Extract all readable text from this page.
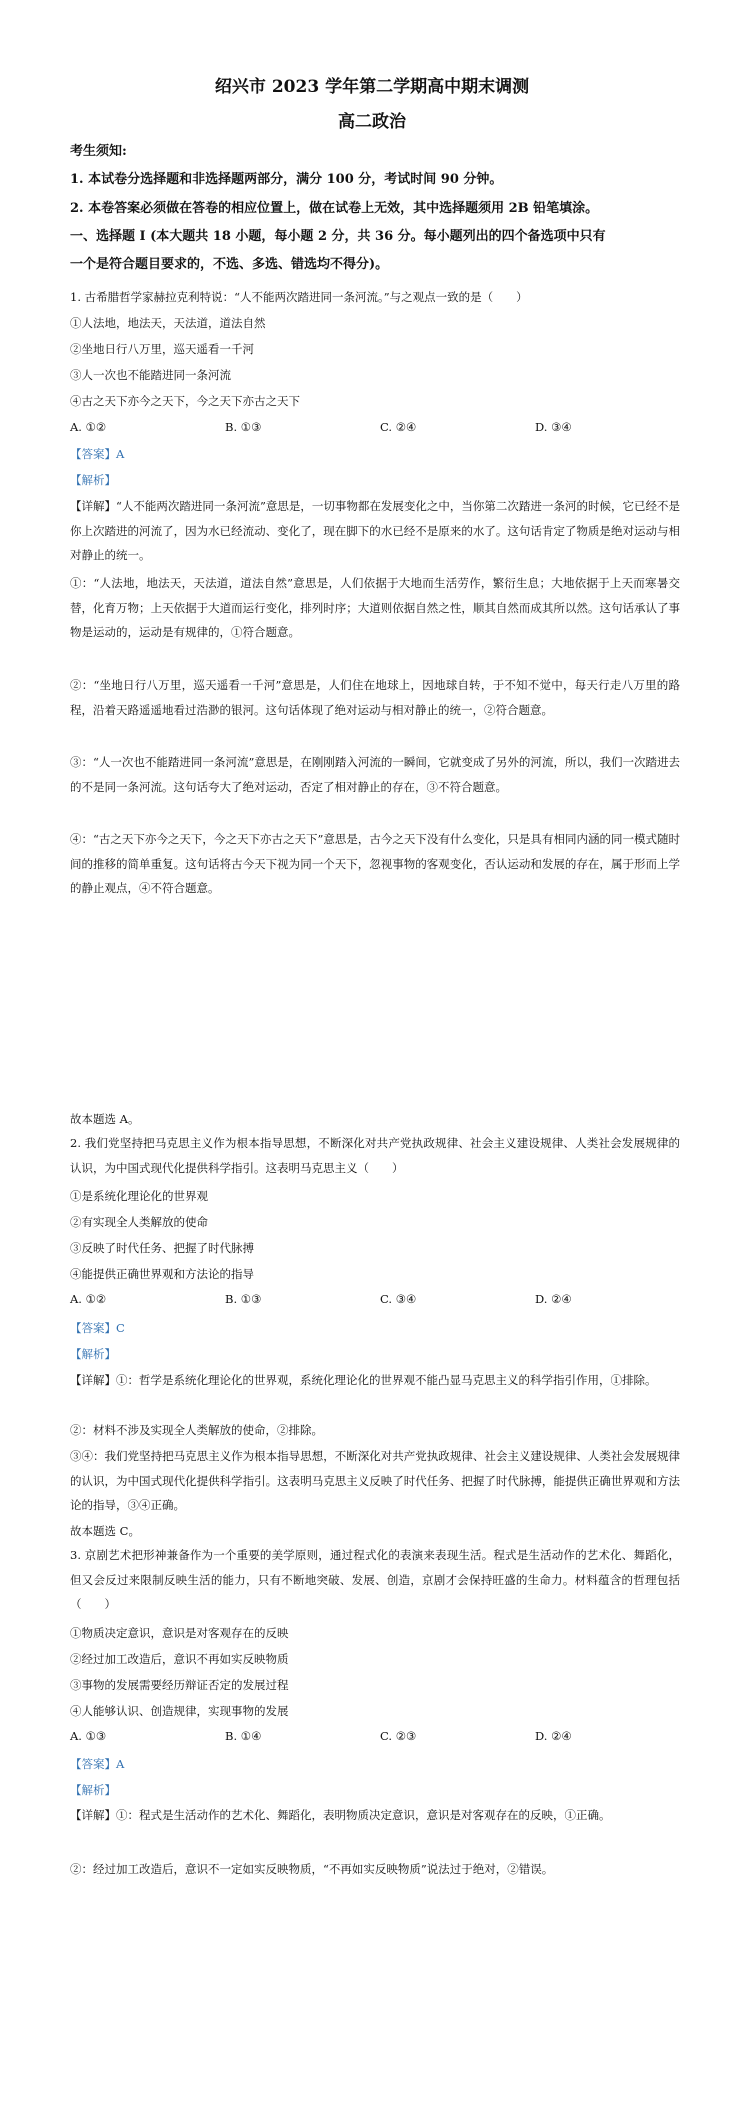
绍兴市 2023 学年第二学期高中期末调测
高二政治
考生须知:
1. 本试卷分选择题和非选择题两部分，满分 100 分，考试时间 90 分钟。
2. 本卷答案必须做在答卷的相应位置上，做在试卷上无效，其中选择题须用 2B 铅笔填涂。
一、选择题 Ⅰ (本大题共 18 小题，每小题 2 分，共 36 分。每小题列出的四个备选项中只有
一个是符合题目要求的，不选、多选、错选均不得分)。
1. 古希腊哲学家赫拉克利特说：“人不能两次踏进同一条河流。”与之观点一致的是（　　）
①人法地，地法天，天法道，道法自然
②坐地日行八万里，巡天遥看一千河
③人一次也不能踏进同一条河流
④古之天下亦今之天下，今之天下亦古之天下
A. ①②	B. ①③	C. ②④	D. ③④
【答案】A
【解析】
【详解】“人不能两次踏进同一条河流”意思是，一切事物都在发展变化之中，当你第二次踏进一条河的时候，它已经不是你上次踏进的河流了，因为水已经流动、变化了，现在脚下的水已经不是原来的水了。这句话肯定了物质是绝对运动与相对静止的统一。
①：“人法地，地法天，天法道，道法自然”意思是，人们依据于大地而生活劳作，繁衍生息；大地依据于上天而寒暑交替，化育万物；上天依据于大道而运行变化，排列时序；大道则依据自然之性，顺其自然而成其所以然。这句话承认了事物是运动的，运动是有规律的，①符合题意。
②：“坐地日行八万里，巡天遥看一千河”意思是，人们住在地球上，因地球自转，于不知不觉中，每天行走八万里的路程，沿着天路遥遥地看过浩渺的银河。这句话体现了绝对运动与相对静止的统一，②符合题意。
③：“人一次也不能踏进同一条河流”意思是，在刚刚踏入河流的一瞬间，它就变成了另外的河流，所以，我们一次踏进去的不是同一条河流。这句话夸大了绝对运动，否定了相对静止的存在，③不符合题意。
④：“古之天下亦今之天下，今之天下亦古之天下”意思是，古今之天下没有什么变化，只是具有相同内涵的同一模式随时间的推移的简单重复。这句话将古今天下视为同一个天下，忽视事物的客观变化，否认运动和发展的存在，属于形而上学的静止观点，④不符合题意。
故本题选 A。
2. 我们党坚持把马克思主义作为根本指导思想，不断深化对共产党执政规律、社会主义建设规律、人类社会发展规律的认识，为中国式现代化提供科学指引。这表明马克思主义（　　）
①是系统化理论化的世界观
②有实现全人类解放的使命
③反映了时代任务、把握了时代脉搏
④能提供正确世界观和方法论的指导
A. ①②	B. ①③	C. ③④	D. ②④
【答案】C
【解析】
【详解】①：哲学是系统化理论化的世界观，系统化理论化的世界观不能凸显马克思主义的科学指引作用，①排除。
②：材料不涉及实现全人类解放的使命，②排除。
③④：我们党坚持把马克思主义作为根本指导思想，不断深化对共产党执政规律、社会主义建设规律、人类社会发展规律的认识，为中国式现代化提供科学指引。这表明马克思主义反映了时代任务、把握了时代脉搏，能提供正确世界观和方法论的指导，③④正确。
故本题选 C。
3. 京剧艺术把形神兼备作为一个重要的美学原则，通过程式化的表演来表现生活。程式是生活动作的艺术化、舞蹈化，但又会反过来限制反映生活的能力，只有不断地突破、发展、创造，京剧才会保持旺盛的生命力。材料蕴含的哲理包括（　　）
①物质决定意识，意识是对客观存在的反映
②经过加工改造后，意识不再如实反映物质
③事物的发展需要经历辩证否定的发展过程
④人能够认识、创造规律，实现事物的发展
A. ①③	B. ①④	C. ②③	D. ②④
【答案】A
【解析】
【详解】①：程式是生活动作的艺术化、舞蹈化，表明物质决定意识，意识是对客观存在的反映，①正确。
②：经过加工改造后，意识不一定如实反映物质，“不再如实反映物质”说法过于绝对，②错误。
